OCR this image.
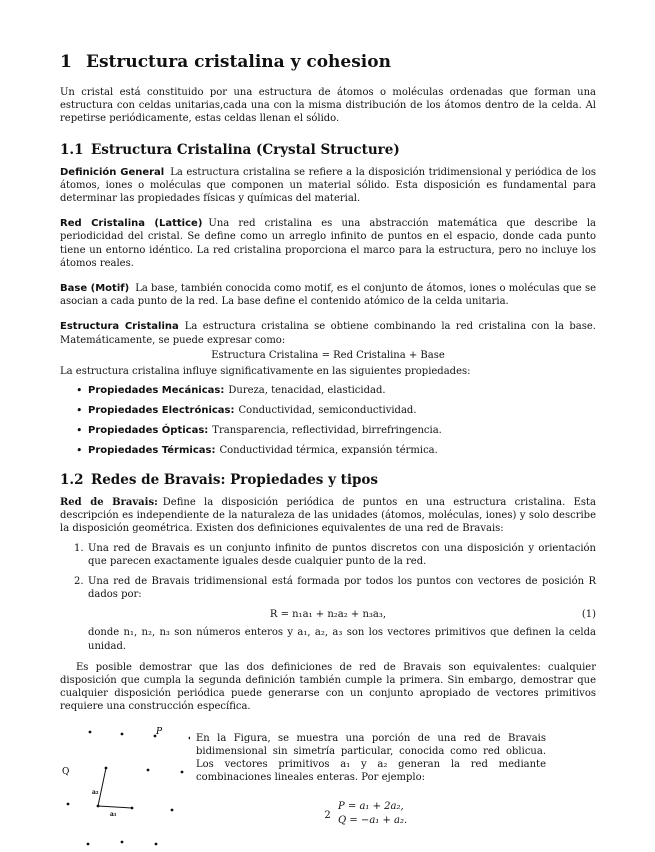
1 Estructura cristalina y cohesion

Un cristal está constituido por una estructura de átomos o moléculas ordenadas que forman una estructura con celdas unitarias,cada una con la misma distribución de los átomos dentro de la celda. Al repetirse periódicamente, estas celdas llenan el sólido.

1.1 Estructura Cristalina (Crystal Structure)

Definición General La estructura cristalina se refiere a la disposición tridimensional y periódica de los átomos, iones o moléculas que componen un material sólido. Esta disposición es fundamental para determinar las propiedades físicas y químicas del material.

Red Cristalina (Lattice) Una red cristalina es una abstracción matemática que describe la periodicidad del cristal. Se define como un arreglo infinito de puntos en el espacio, donde cada punto tiene un entorno idéntico. La red cristalina proporciona el marco para la estructura, pero no incluye los átomos reales.

Base (Motif) La base, también conocida como motif, es el conjunto de átomos, iones o moléculas que se asocian a cada punto de la red. La base define el contenido atómico de la celda unitaria.

Estructura Cristalina La estructura cristalina se obtiene combinando la red cristalina con la base. Matemáticamente, se puede expresar como:

Estructura Cristalina = Red Cristalina + Base

La estructura cristalina influye significativamente en las siguientes propiedades:

• Propiedades Mecánicas: Dureza, tenacidad, elasticidad.
• Propiedades Electrónicas: Conductividad, semiconductividad.
• Propiedades Ópticas: Transparencia, reflectividad, birrefringencia.
• Propiedades Térmicas: Conductividad térmica, expansión térmica.
1.2 Redes de Bravais: Propiedades y tipos

Red de Bravais: Define la disposición periódica de puntos en una estructura cristalina. Esta descripción es independiente de la naturaleza de las unidades (átomos, moléculas, iones) y solo describe la disposición geométrica. Existen dos definiciones equivalentes de una red de Bravais:

1. Una red de Bravais es un conjunto infinito de puntos discretos con una disposición y orientación que parecen exactamente iguales desde cualquier punto de la red.
2. Una red de Bravais tridimensional está formada por todos los puntos con vectores de posición R dados por:
R = n₁a₁ + n₂a₂ + n₃a₃,	(1)

donde n₁, n₂, n₃ son números enteros y a₁, a₂, a₃ son los vectores primitivos que definen la celda unidad.

Es posible demostrar que las dos definiciones de red de Bravais son equivalentes: cualquier disposición que cumpla la segunda definición también cumple la primera. Sin embargo, demostrar que cualquier disposición periódica puede generarse con un conjunto apropiado de vectores primitivos requiere una construcción específica.

Q
P
a₂
a₁
En la Figura, se muestra una porción de una red de Bravais bidimensional sin simetría particular, conocida como red oblicua. Los vectores primitivos a₁ y a₂ generan la red mediante combinaciones lineales enteras. Por ejemplo:
P = a₁ + 2a₂,
Q = −a₁ + a₂.
2
